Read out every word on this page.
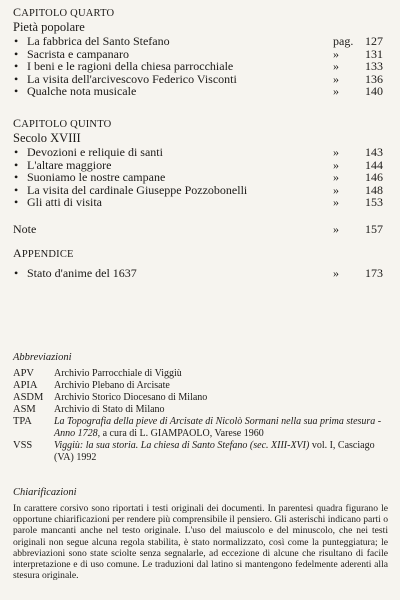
CAPITOLO QUARTO
Pietà popolare
• La fabbrica del Santo Stefano	pag. 127
• Sacrista e campanaro	» 131
• I beni e le ragioni della chiesa parrocchiale	» 133
• La visita dell'arcivescovo Federico Visconti	» 136
• Qualche nota musicale	» 140
CAPITOLO QUINTO
Secolo XVIII
• Devozioni e reliquie di santi	» 143
• L'altare maggiore	» 144
• Suoniamo le nostre campane	» 146
• La visita del cardinale Giuseppe Pozzobonelli	» 148
• Gli atti di visita	» 153
Note	» 157
APPENDICE
• Stato d'anime del 1637	» 173
Abbreviazioni
APV	Archivio Parrocchiale di Viggiù
APIA	Archivio Plebano di Arcisate
ASDM	Archivio Storico Diocesano di Milano
ASM	Archivio di Stato di Milano
TPA	La Topografia della pieve di Arcisate di Nicolò Sormani nella sua prima stesura - Anno 1728, a cura di L. GIAMPAOLO, Varese 1960
VSS	Viggiù: la sua storia. La chiesa di Santo Stefano (sec. XIII-XVI) vol. I, Casciago (VA) 1992
Chiarificazioni
In carattere corsivo sono riportati i testi originali dei documenti. In parentesi quadra figurano le opportune chiarificazioni per rendere più comprensibile il pensiero. Gli asterischi indicano parti o parole mancanti anche nel testo originale. L'uso del maiuscolo e del minuscolo, che nei testi originali non segue alcuna regola stabilita, è stato normalizzato, così come la punteggiatura; le abbreviazioni sono state sciolte senza segnalarle, ad eccezione di alcune che risultano di facile interpretazione e di uso comune. Le traduzioni dal latino si mantengono fedelmente aderenti alla stesura originale.
